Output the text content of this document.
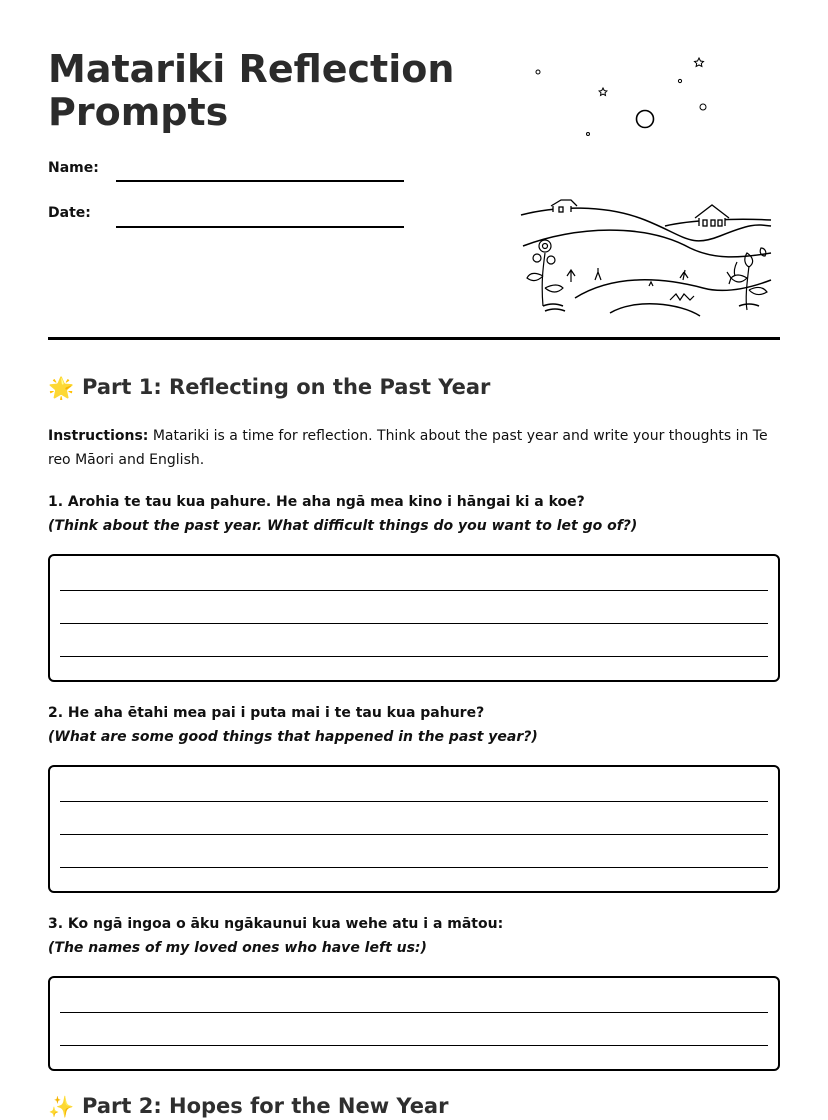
Matariki Reflection Prompts
Name:
Date:
🌟 Part 1: Reflecting on the Past Year

Instructions: Matariki is a time for reflection. Think about the past year and write your thoughts in Te reo Māori and English.

1. Arohia te tau kua pahure. He aha ngā mea kino i hāngai ki a koe?
(Think about the past year. What difficult things do you want to let go of?)
2. He aha ētahi mea pai i puta mai i te tau kua pahure?
(What are some good things that happened in the past year?)
3. Ko ngā ingoa o āku ngākaunui kua wehe atu i a mātou:
(The names of my loved ones who have left us:)
✨ Part 2: Hopes for the New Year
